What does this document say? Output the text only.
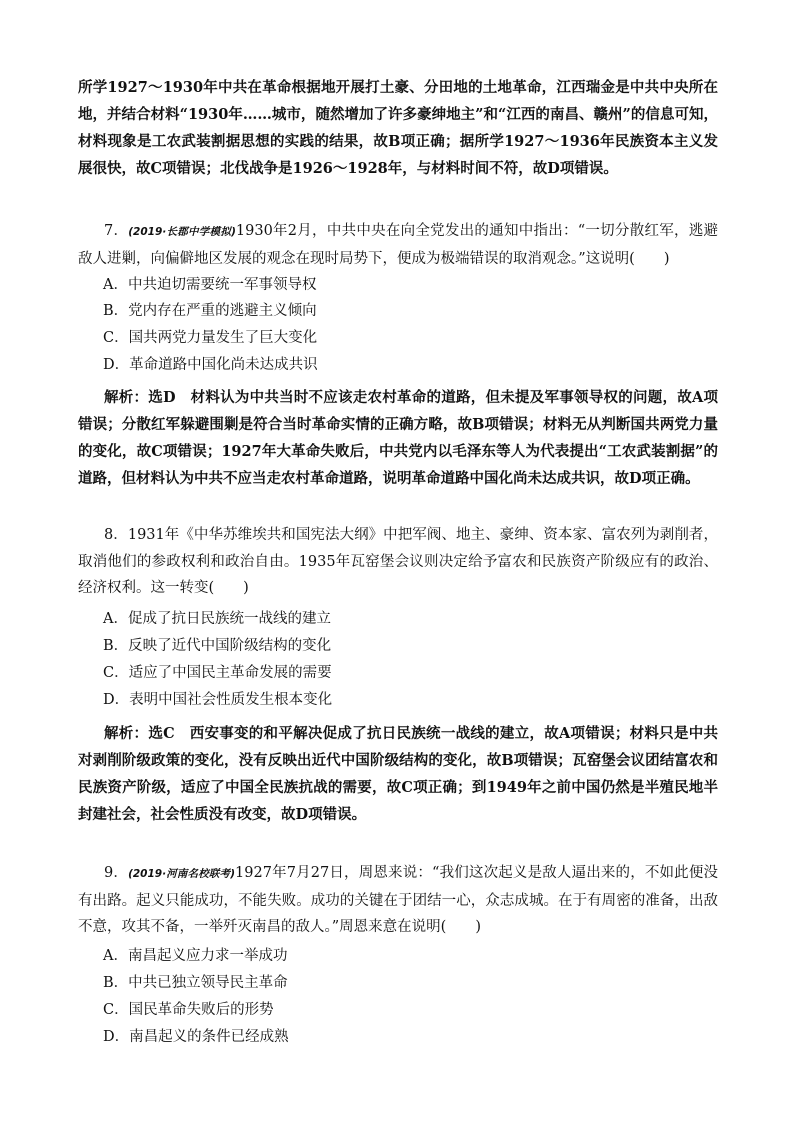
所学1927～1930年中共在革命根据地开展打土豪、分田地的土地革命，江西瑞金是中共中央所在地，并结合材料“1930年……城市，随然增加了许多豪绅地主”和“江西的南昌、赣州”的信息可知，材料现象是工农武装割据思想的实践的结果，故B项正确；据所学1927～1936年民族资本主义发展很快，故C项错误；北伐战争是1926～1928年，与材料时间不符，故D项错误。

7．(2019·长郡中学模拟)1930年2月，中共中央在向全党发出的通知中指出：“一切分散红军，逃避敌人进剿，向偏僻地区发展的观念在现时局势下，便成为极端错误的取消观念。”这说明(　　)

A．中共迫切需要统一军事领导权
B．党内存在严重的逃避主义倾向
C．国共两党力量发生了巨大变化
D．革命道路中国化尚未达成共识

解析：选D　 材料认为中共当时不应该走农村革命的道路，但未提及军事领导权的问题，故A项错误；分散红军躲避围剿是符合当时革命实情的正确方略，故B项错误；材料无从判断国共两党力量的变化，故C项错误；1927年大革命失败后，中共党内以毛泽东等人为代表提出“工农武装割据”的道路，但材料认为中共不应当走农村革命道路，说明革命道路中国化尚未达成共识，故D项正确。

8．1931年《中华苏维埃共和国宪法大纲》中把军阀、地主、豪绅、资本家、富农列为剥削者，取消他们的参政权利和政治自由。1935年瓦窑堡会议则决定给予富农和民族资产阶级应有的政治、经济权利。这一转变(　　)

A．促成了抗日民族统一战线的建立
B．反映了近代中国阶级结构的变化
C．适应了中国民主革命发展的需要
D．表明中国社会性质发生根本变化

解析：选C　 西安事变的和平解决促成了抗日民族统一战线的建立，故A项错误；材料只是中共对剥削阶级政策的变化，没有反映出近代中国阶级结构的变化，故B项错误；瓦窑堡会议团结富农和民族资产阶级，适应了中国全民族抗战的需要，故C项正确；到1949年之前中国仍然是半殖民地半封建社会，社会性质没有改变，故D项错误。

9．(2019·河南名校联考)1927年7月27日，周恩来说：“我们这次起义是敌人逼出来的，不如此便没有出路。起义只能成功，不能失败。成功的关键在于团结一心，众志成城。在于有周密的准备，出敌不意，攻其不备，一举歼灭南昌的敌人。”周恩来意在说明(　　)

A．南昌起义应力求一举成功
B．中共已独立领导民主革命
C．国民革命失败后的形势
D．南昌起义的条件已经成熟
